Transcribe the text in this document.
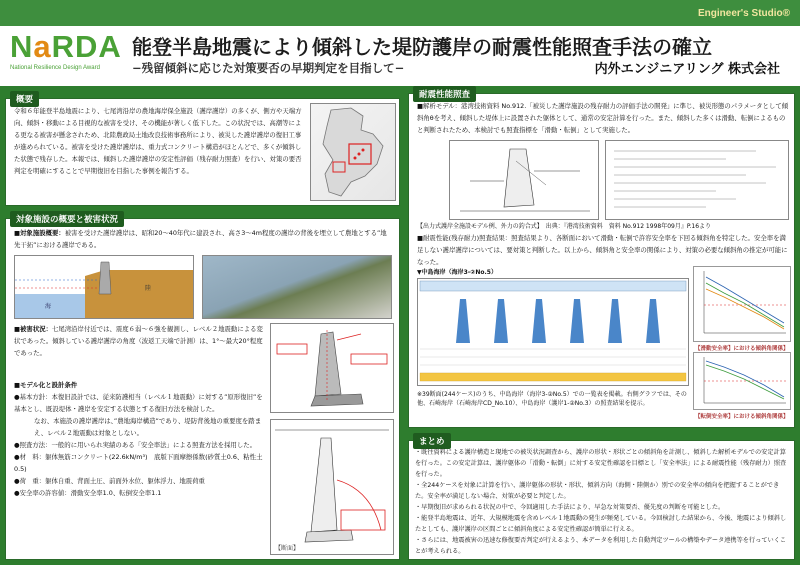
Engineer's Studio®
NaRDA
National Resilience Design Award
能登半島地震により傾斜した堤防護岸の耐震性能照査手法の確立
−残留傾斜に応じた対策要否の早期判定を目指して−	内外エンジニアリング 株式会社
概要
令和６年能登半島地震により、七尾湾沿岸の農地海岸保全施設（護岸護岸）の多くが、側方や天端方向、傾斜・移動による目視的な被害を受け、その機能が著しく低下した。この状況では、高潮等による更なる被害が懸念されため、北陸農政局土地改良技術事務所により、被災した護岸護岸の復旧工事が進められている。被害を受けた護岸護岸は、重力式コンクリート構造がほとんどで、多くが傾斜した状態で残存した。本報では、傾斜した護岸護岸の安定性評価（残存耐力照査）を行い、対策の要否判定を明確にすることで早期復旧を目指した事例を報告する。
対象施設の概要と被害状況
■対象施設概要：被害を受けた護岸護岸は、昭和20〜40年代に建設され、高さ3〜4m程度の護岸の背後を埋立して農地とする”地先干拓”における護岸である。
陸
海
■被害状況：七尾湾沿岸付近では、震度６弱〜６強を観測し、レベル２地震動による変状であった。傾斜している護岸護岸の角度（波返工天端で計測）は、1°〜最大20°程度であった。
■モデル化と設計条件
●基本方針：本復旧設計では、従来防護相当（レベル１地震動）に対する”原形復旧”を基本とし、既設堤体・護岸を安定する状態とする復旧方法を検討した。
なお、本施設の護岸護岸は、”農地海岸構造”であり、堤防背後地の重要度を踏まえ、レベル２地震動は対象としない。
●照査方法：一般的に用いられ実績のある「安全率法」による照査方法を採用した。
●材　料：躯体無筋コンクリート(22.6kN/m³)　底版下面摩擦係数(砂質土0.6、粘性土0.5)
●荷　重：躯体自重、背面土圧、前面外水位、躯体浮力、地震荷重
●安全率の許容値：滑動安全率1.0、転倒安全率1.1
【断面】
耐震性能照査
■解析モデル：港湾技術資料 No.912.「被災した護岸施設の残存耐力の評価手法の開発」に準じ、被災形態のパラメータとして傾斜角θを考え、傾斜した堤体上に設置された躯体として、通常の安定計算を行った。また、傾斜した多くは滑動、転倒によるものと判断されたため、本検討でも照査指標を「滑動・転倒」として実施した。
【出力式護岸全施設モデル例、外力の釣合式】　出典：『港湾技術資料　資料 No.912 1998年09月』P.16より
■耐震性能(残存耐力)照査結果：照査結果より、各断面において滑動・転倒で許容安全率を下回る傾斜角を特定した。安全率を満足しない護岸護岸については、要対策と判断した。以上から、傾斜角と安全率の関係により、対策の必要な傾斜角の推定が可能になった。
▼中島海岸（海岸3-②No.5）
【滑動安全率】における傾斜角関係】
【転倒安全率】における傾斜角関係】
※39断面(244ケース)のうち、中島海岸（海岸3-②No.5）での一覧表を掲載。右側グラフでは、その他、石崎海岸（石崎海岸CD_No.10）、中島海岸（護岸1-②No.3）の照査結果を提示。
まとめ
・既往資料による護岸構造と現地での被災状況調査から、護岸の形状・形状ごとの傾斜角を計測し、傾斜した解析モデルでの安定計算を行った。この安定計算は、護岸躯体の「滑動・転倒」に対する安定性確認を目標とし「安全率法」による耐震性能（残存耐力）照査を行った。
・全244ケースを対象に計算を行い、護岸躯体の形状・形状、傾斜方向（海側・陸側か）別での安全率の傾向を把握することができた。安全率が満足しない場合、対策が必要と判定した。
・早期復旧が求められる状況の中で、今回適用した手法により、早急な対策要否、優先度の判断を可能とした。
・能登半島地震は、近年、大規模地震を含めレベル１地震動の発生が頻発している。今回検討した結果から、今後、地震により傾斜したとしても、護岸護岸の区間ごとに傾斜角度による安定性確認が簡単に行える。
・さらには、地震被害の迅速な修復要否判定が行えるよう、本データを利用した自動判定ツールの構築やデータ連携等を行っていくことが考えられる。
